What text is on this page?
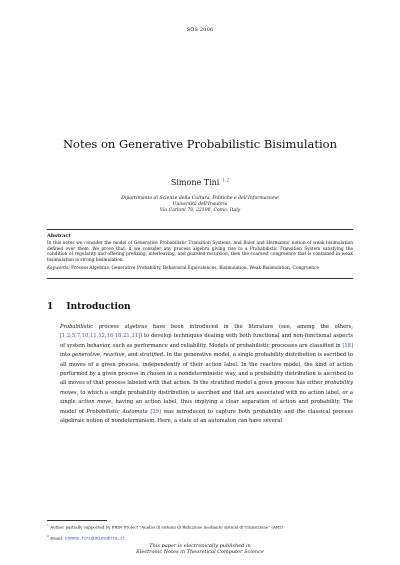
SOS 2006
Notes on Generative Probabilistic Bisimulation
Simone Tini $^{1,2}$
Dipartimento di Scienze della Cultura, Politiche e dell'Informazione
Università dell'Insubria
Via Carloni 78, 22100, Como, Italy
Abstract
In this notes we consider the model of Generative Probabilistic Transition Systems, and Baier and Hermanns' notion of weak bisimulation defined over them. We prove that, if we consider any process algebra giving rise to a Probabilistic Transition System satisfying the condition of regularity and offering prefixing, interleaving, and guarded recursion, then the coarsest congruence that is contained in weak bisimulation is strong bisimulation.
Keywords: Process Algebras, Generative Probability, Behavioral Equivalences, Bisimulation, Weak Bisimulation, Congruence
1 Introduction
Probabilistic process algebras have been introduced in the literature (see, among the others, [1,2,5,7,10,11,12,16,18,21,31]) to develop techniques dealing with both functional and non-functional aspects of system behavior, such as performance and reliability. Models of probabilistic processes are classified in [18] into generative, reactive, and stratified. In the generative model, a single probability distribution is ascribed to all moves of a given process, independently of their action label. In the reactive model, the kind of action performed by a given process in chosen in a nondeterministic way, and a probability distribution is ascribed to all moves of that process labeled with that action. In the stratified model a given process has either probability moves, to which a single probability distribution is ascribed and that are associated with no action label, or a single action move, having an action label, thus implying a clear separation of action and probability. The model of Probabilistic Automata [29] was introduced to capture both probability and the classical process algebraic notion of nondeterminism. Here, a state of an automaton can have several
$^1$ Author partially supported by PRIN Project "Analisi di sistemi di Riduzione mediante sistemi di Transizione" (ART)
$^2$ Email: simone.tini@uninsubria.it
This paper is electronically published in
Electronic Notes in Theoretical Computer Science
